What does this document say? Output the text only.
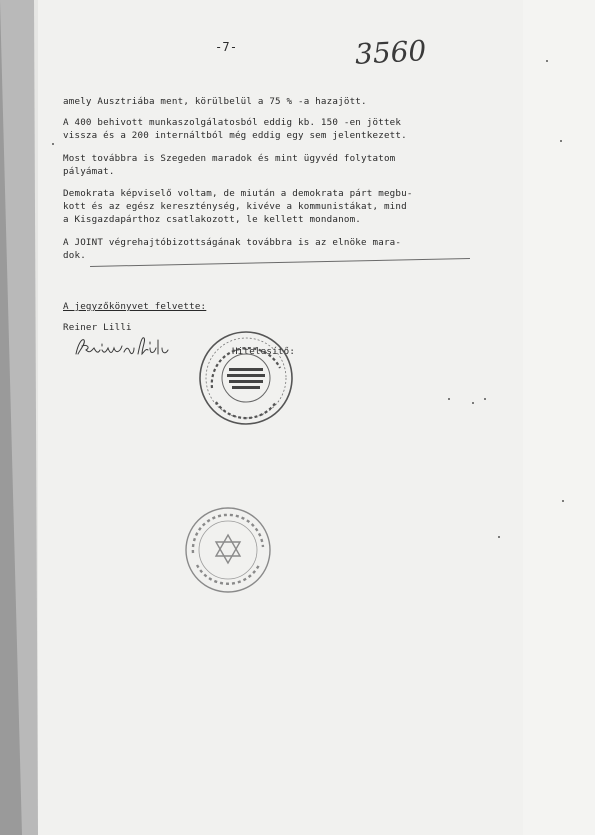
-7-	3560
amely Ausztriába ment, körülbelül a 75 % -a hazajött.
A 400 behivott munkaszolgálatosból eddig kb. 150 -en jöttek
vissza és a 200 internáltból még eddig egy sem jelentkezett.
Most továbbra is Szegeden maradok és mint ügyvéd folytatom
pályámat.
Demokrata képviselő voltam, de miután a demokrata párt megbu-
kott és az egész kereszténység, kivéve a kommunistákat, mind
a Kisgazdapárthoz csatlakozott, le kellett mondanom.
A JOINT végrehajtóbizottságának továbbra is az elnöke mara-
dok.
A jegyzőkönyvet felvette:
Reiner Lilli
Hitelesítő:
